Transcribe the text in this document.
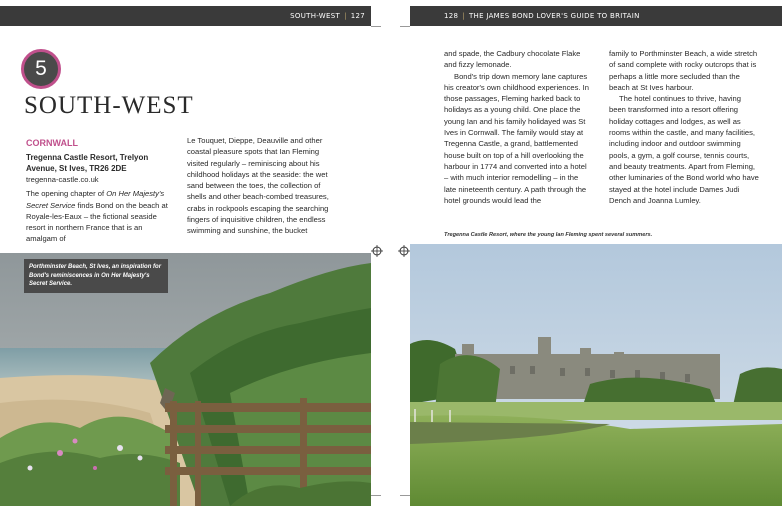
SOUTH-WEST | 127
5
SOUTH-WEST
CORNWALL

Tregenna Castle Resort, Trelyon

Avenue, St Ives, TR26 2DE

tregenna-castle.co.uk

The opening chapter of On Her Majesty's Secret Service finds Bond on the beach at Royale-les-Eaux – the fictional seaside resort in northern France that is an amalgam of

Le Touquet, Dieppe, Deauville and other coastal pleasure spots that Ian Fleming visited regularly – reminiscing about his childhood holidays at the seaside: the wet sand between the toes, the collection of shells and other beach-combed treasures, crabs in rockpools escaping the searching fingers of inquisitive children, the endless swimming and sunshine, the bucket

Porthminster Beach, St Ives, an inspiration for Bond's reminiscences in On Her Majesty's Secret Service.
128 | THE JAMES BOND LOVER'S GUIDE TO BRITAIN

and spade, the Cadbury chocolate Flake and fizzy lemonade.

Bond's trip down memory lane captures his creator's own childhood experiences. In those passages, Fleming harked back to holidays as a young child. One place the young Ian and his family holidayed was St Ives in Cornwall. The family would stay at Tregenna Castle, a grand, battlemented house built on top of a hill overlooking the harbour in 1774 and converted into a hotel – with much interior remodelling – in the late nineteenth century. A path through the hotel grounds would lead the

family to Porthminster Beach, a wide stretch of sand complete with rocky outcrops that is perhaps a little more secluded than the beach at St Ives harbour.

The hotel continues to thrive, having been transformed into a resort offering holiday cottages and lodges, as well as rooms within the castle, and many facilities, including indoor and outdoor swimming pools, a gym, a golf course, tennis courts, and beauty treatments. Apart from Fleming, other luminaries of the Bond world who have stayed at the hotel include Dames Judi Dench and Joanna Lumley.

Tregenna Castle Resort, where the young Ian Fleming spent several summers.
